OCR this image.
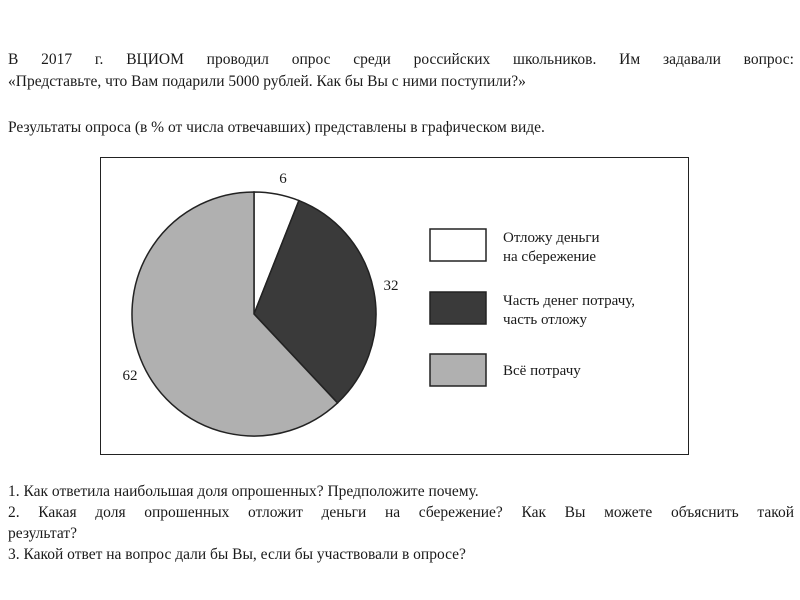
В 2017 г. ВЦИОМ проводил опрос среди российских школьников. Им задавали вопрос:

«Представьте, что Вам подарили 5000 рублей. Как бы Вы с ними поступили?»

Результаты опроса (в % от числа отвечавших) представлены в графическом виде.

6
32
62
Отложу деньги
на сбережение
Часть денег потрачу,
часть отложу
Всё потрачу

1. Как ответила наибольшая доля опрошенных? Предположите почему.

2. Какая доля опрошенных отложит деньги на сбережение? Как Вы можете объяснить такой

результат?

3. Какой ответ на вопрос дали бы Вы, если бы участвовали в опросе?
